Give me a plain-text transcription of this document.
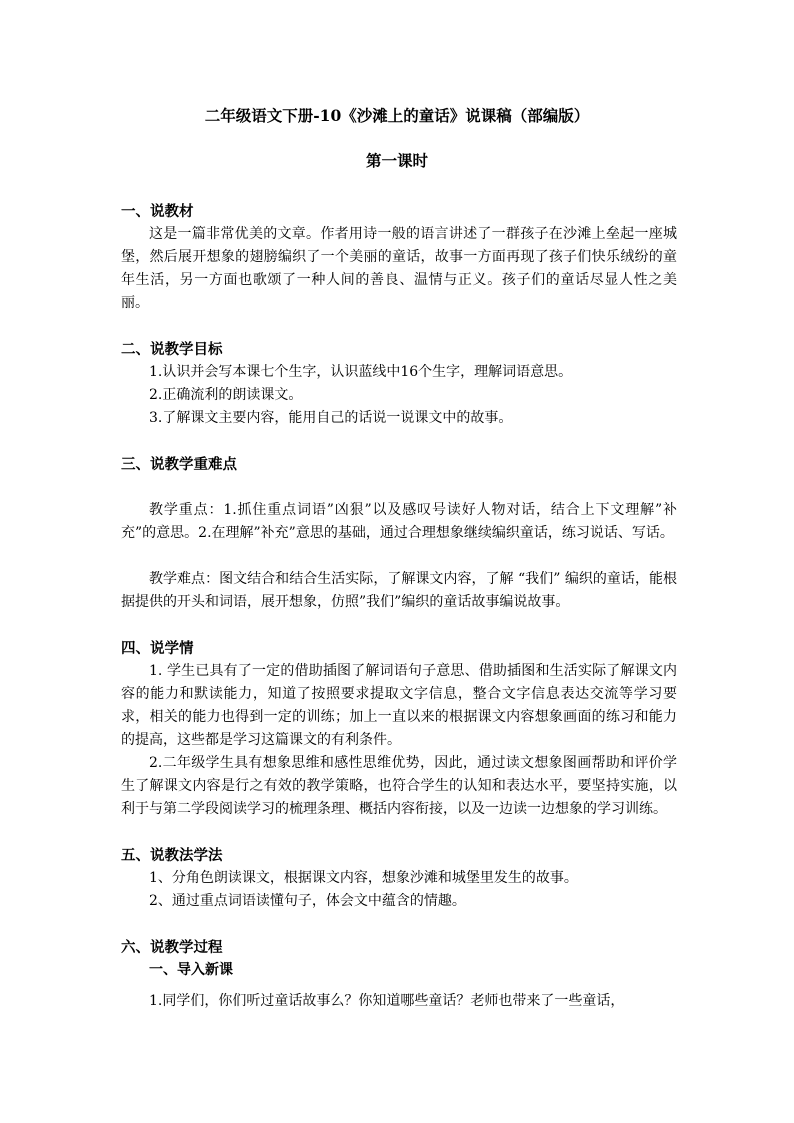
二年级语文下册-10《沙滩上的童话》说课稿（部编版）
第一课时
一、说教材

这是一篇非常优美的文章。作者用诗一般的语言讲述了一群孩子在沙滩上垒起一座城堡，然后展开想象的翅膀编织了一个美丽的童话，故事一方面再现了孩子们快乐绒纷的童年生活，另一方面也歌颂了一种人间的善良、温情与正义。孩子们的童话尽显人性之美丽。

二、说教学目标

1.认识并会写本课七个生字，认识蓝线中16个生字，理解词语意思。

2.正确流利的朗读课文。

3.了解课文主要内容，能用自己的话说一说课文中的故事。

三、说教学重难点

教学重点：1.抓住重点词语”凶狠”以及感叹号读好人物对话，结合上下文理解”补充”的意思。2.在理解”补充”意思的基础，通过合理想象继续编织童话，练习说话、写话。

教学难点：图文结合和结合生活实际，了解课文内容，了解 “我们” 编织的童话，能根据提供的开头和词语，展开想象，仿照”我们”编织的童话故事编说故事。

四、说学情

1. 学生已具有了一定的借助插图了解词语句子意思、借助插图和生活实际了解课文内容的能力和默读能力，知道了按照要求提取文字信息，整合文字信息表达交流等学习要求，相关的能力也得到一定的训练；加上一直以来的根据课文内容想象画面的练习和能力的提高，这些都是学习这篇课文的有利条件。

2.二年级学生具有想象思维和感性思维优势，因此，通过读文想象图画帮助和评价学生了解课文内容是行之有效的教学策略，也符合学生的认知和表达水平，要坚持实施，以利于与第二学段阅读学习的梳理条理、概括内容衔接，以及一边读一边想象的学习训练。

五、说教法学法

1、分角色朗读课文，根据课文内容，想象沙滩和城堡里发生的故事。

2、通过重点词语读懂句子，体会文中蕴含的情趣。

六、说教学过程

一、导入新课

1.同学们，你们听过童话故事么？你知道哪些童话？老师也带来了一些童话，
